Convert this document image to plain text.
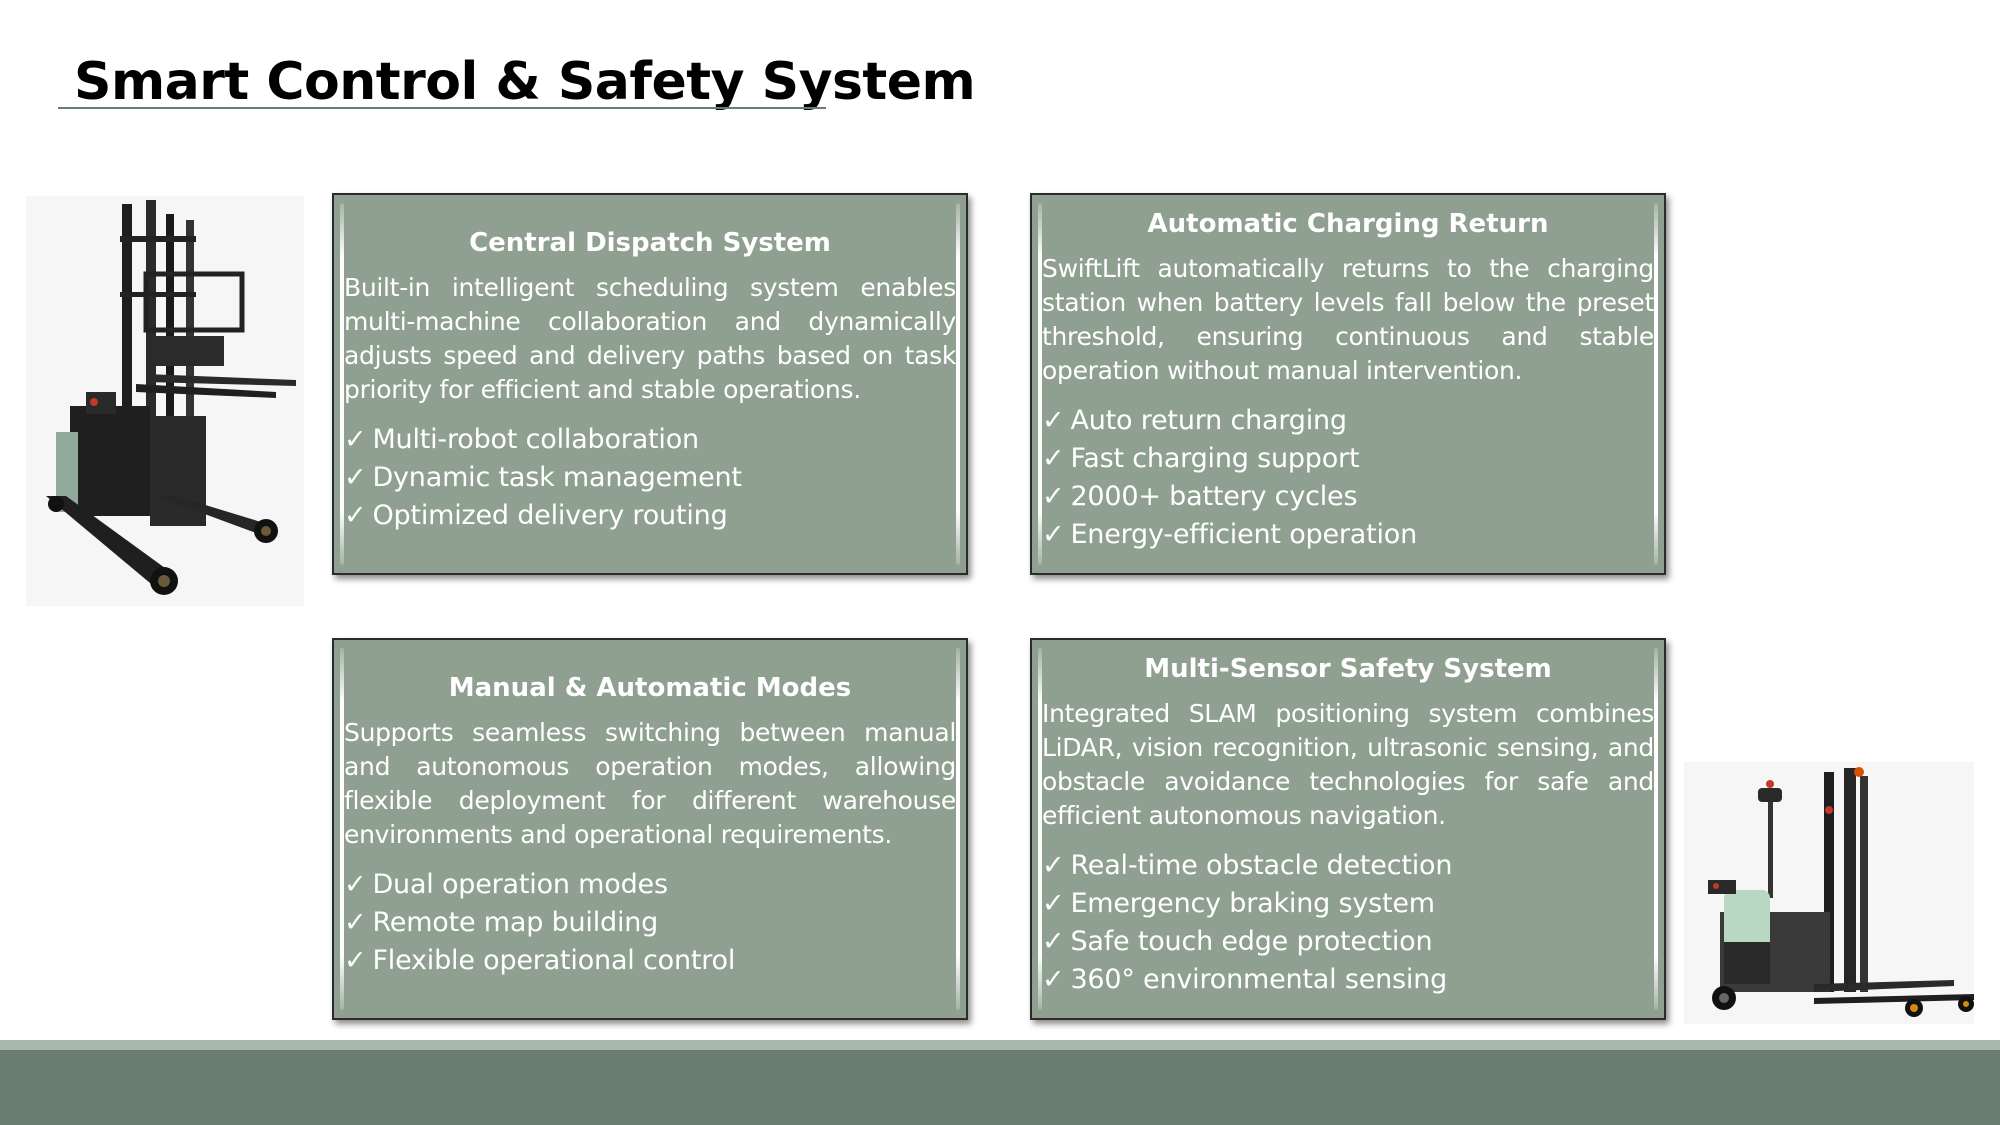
Smart Control & Safety System
Central Dispatch System
Built-in intelligent scheduling system enables multi-machine collaboration and dynamically adjusts speed and delivery paths based on task priority for efficient and stable operations.
✓ Multi-robot collaboration
✓ Dynamic task management
✓ Optimized delivery routing
Automatic Charging Return
SwiftLift automatically returns to the charging station when battery levels fall below the preset threshold, ensuring continuous and stable operation without manual intervention.
✓ Auto return charging
✓ Fast charging support
✓ 2000+ battery cycles
✓ Energy-efficient operation
Manual & Automatic Modes
Supports seamless switching between manual and autonomous operation modes, allowing flexible deployment for different warehouse environments and operational requirements.
✓ Dual operation modes
✓ Remote map building
✓ Flexible operational control
Multi-Sensor Safety System
Integrated SLAM positioning system combines LiDAR, vision recognition, ultrasonic sensing, and obstacle avoidance technologies for safe and efficient autonomous navigation.
✓ Real-time obstacle detection
✓ Emergency braking system
✓ Safe touch edge protection
✓ 360° environmental sensing
